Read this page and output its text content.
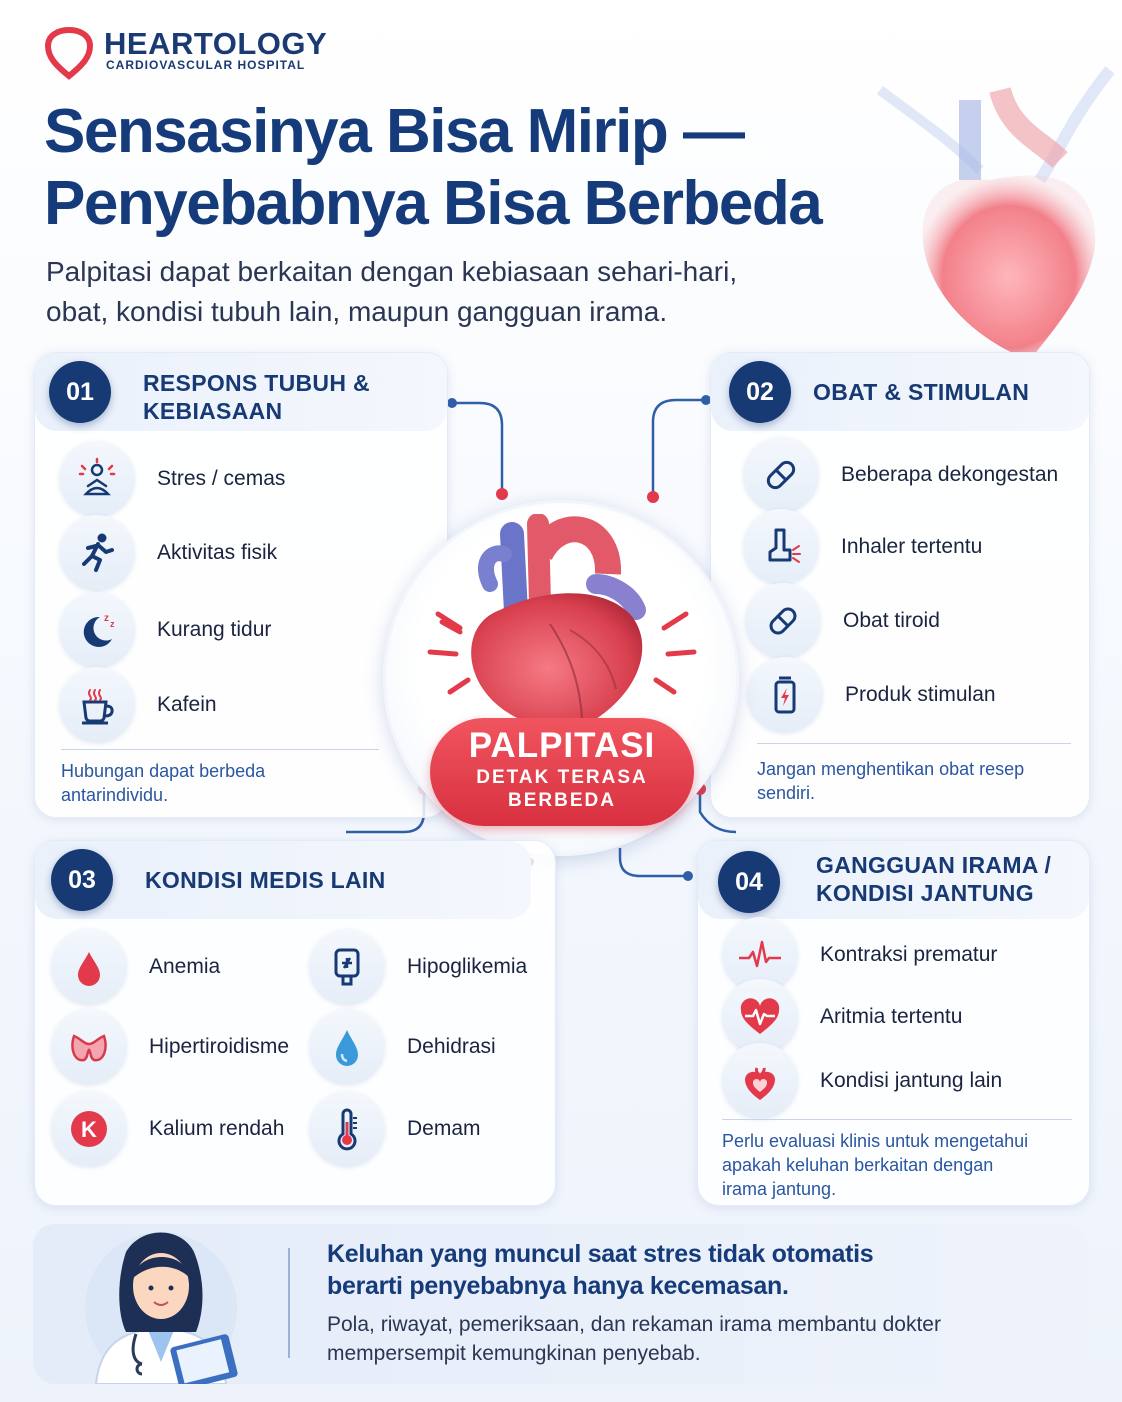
HEARTOLOGY
CARDIOVASCULAR HOSPITAL
Sensasinya Bisa Mirip —
Penyebabnya Bisa Berbeda
Palpitasi dapat berkaitan dengan kebiasaan sehari-hari,
obat, kondisi tubuh lain, maupun gangguan irama.
01	RESPONS TUBUH &
KEBIASAAN
Stres / cemas
Aktivitas fisik
z z Kurang tidur
Kafein
Hubungan dapat berbeda
antarindividu.
02	OBAT & STIMULAN
Beberapa dekongestan
Inhaler tertentu
Obat tiroid
Produk stimulan
Jangan menghentikan obat resep
sendiri.
PALPITASI
DETAK TERASA
BERBEDA
03	KONDISI MEDIS LAIN
Anemia	Hipoglikemia
Hipertiroidisme	Dehidrasi
K Kalium rendah	Demam
04
GANGGUAN IRAMA /
KONDISI JANTUNG
Kontraksi prematur
Aritmia tertentu
Kondisi jantung lain
Perlu evaluasi klinis untuk mengetahui
apakah keluhan berkaitan dengan
irama jantung.
Keluhan yang muncul saat stres tidak otomatis
berarti penyebabnya hanya kecemasan.
Pola, riwayat, pemeriksaan, dan rekaman irama membantu dokter
mempersempit kemungkinan penyebab.
